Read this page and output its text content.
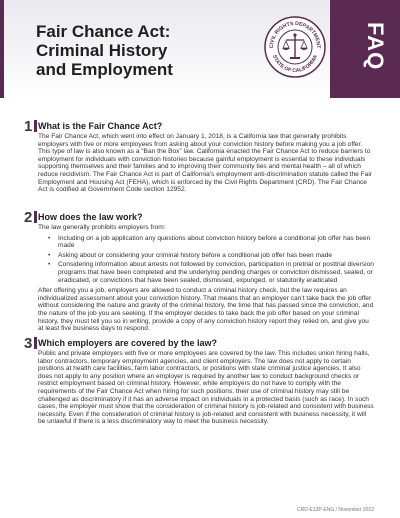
Fair Chance Act:
Criminal History
and Employment
CIVIL RIGHTS DEPARTMENT
STATE OF CALIFORNIA	FAQ
1 What is the Fair Chance Act?
The Fair Chance Act, which went into effect on January 1, 2018, is a California law that generally prohibits employers with five or more employees from asking about your conviction history before making you a job offer. This type of law is also known as a “Ban the Box” law. California enacted the Fair Chance Act to reduce barriers to employment for individuals with conviction histories because gainful employment is essential to these individuals supporting themselves and their families and to improving their community ties and mental health – all of which reduce recidivism. The Fair Chance Act is part of California’s employment anti-discrimination statute called the Fair Employment and Housing Act (FEHA), which is enforced by the Civil Rights Department (CRD). The Fair Chance Act is codified at Government Code section 12952.
2 How does the law work?
The law generally prohibits employers from:
• Including on a job application any questions about conviction history before a conditional job offer has been made
• Asking about or considering your criminal history before a conditional job offer has been made
• Considering information about arrests not followed by conviction, participation in pretrial or posttrial diversion programs that have been completed and the underlying pending charges or conviction dismissed, sealed, or eradicated, or convictions that have been sealed, dismissed, expunged, or statutorily eradicated
After offering you a job, employers are allowed to conduct a criminal history check, but the law requires an individualized assessment about your conviction history. That means that an employer can’t take back the job offer without considering the nature and gravity of the criminal history, the time that has passed since the conviction, and the nature of the job you are seeking. If the employer decides to take back the job offer based on your criminal history, they must tell you so in writing, provide a copy of any conviction history report they relied on, and give you at least five business days to respond.
3 Which employers are covered by the law?
Public and private employers with five or more employees are covered by the law. This includes union hiring halls, labor contractors, temporary employment agencies, and client employers. The law does not apply to certain positions at health care facilities, farm labor contractors, or positions with state criminal justice agencies. It also does not apply to any position where an employer is required by another law to conduct background checks or restrict employment based on criminal history. However, while employers do not have to comply with the requirements of the Fair Chance Act when hiring for such positions, their use of criminal history may still be challenged as discriminatory if it has an adverse impact on individuals in a protected basis (such as race). In such cases, the employer must show that the consideration of criminal history is job-related and consistent with business necessity. Even if the consideration of criminal history is job-related and consistent with business necessity, it will be unlawful if there is a less discriminatory way to meet the business necessity.
CRD-E13P-ENG / November 2022
